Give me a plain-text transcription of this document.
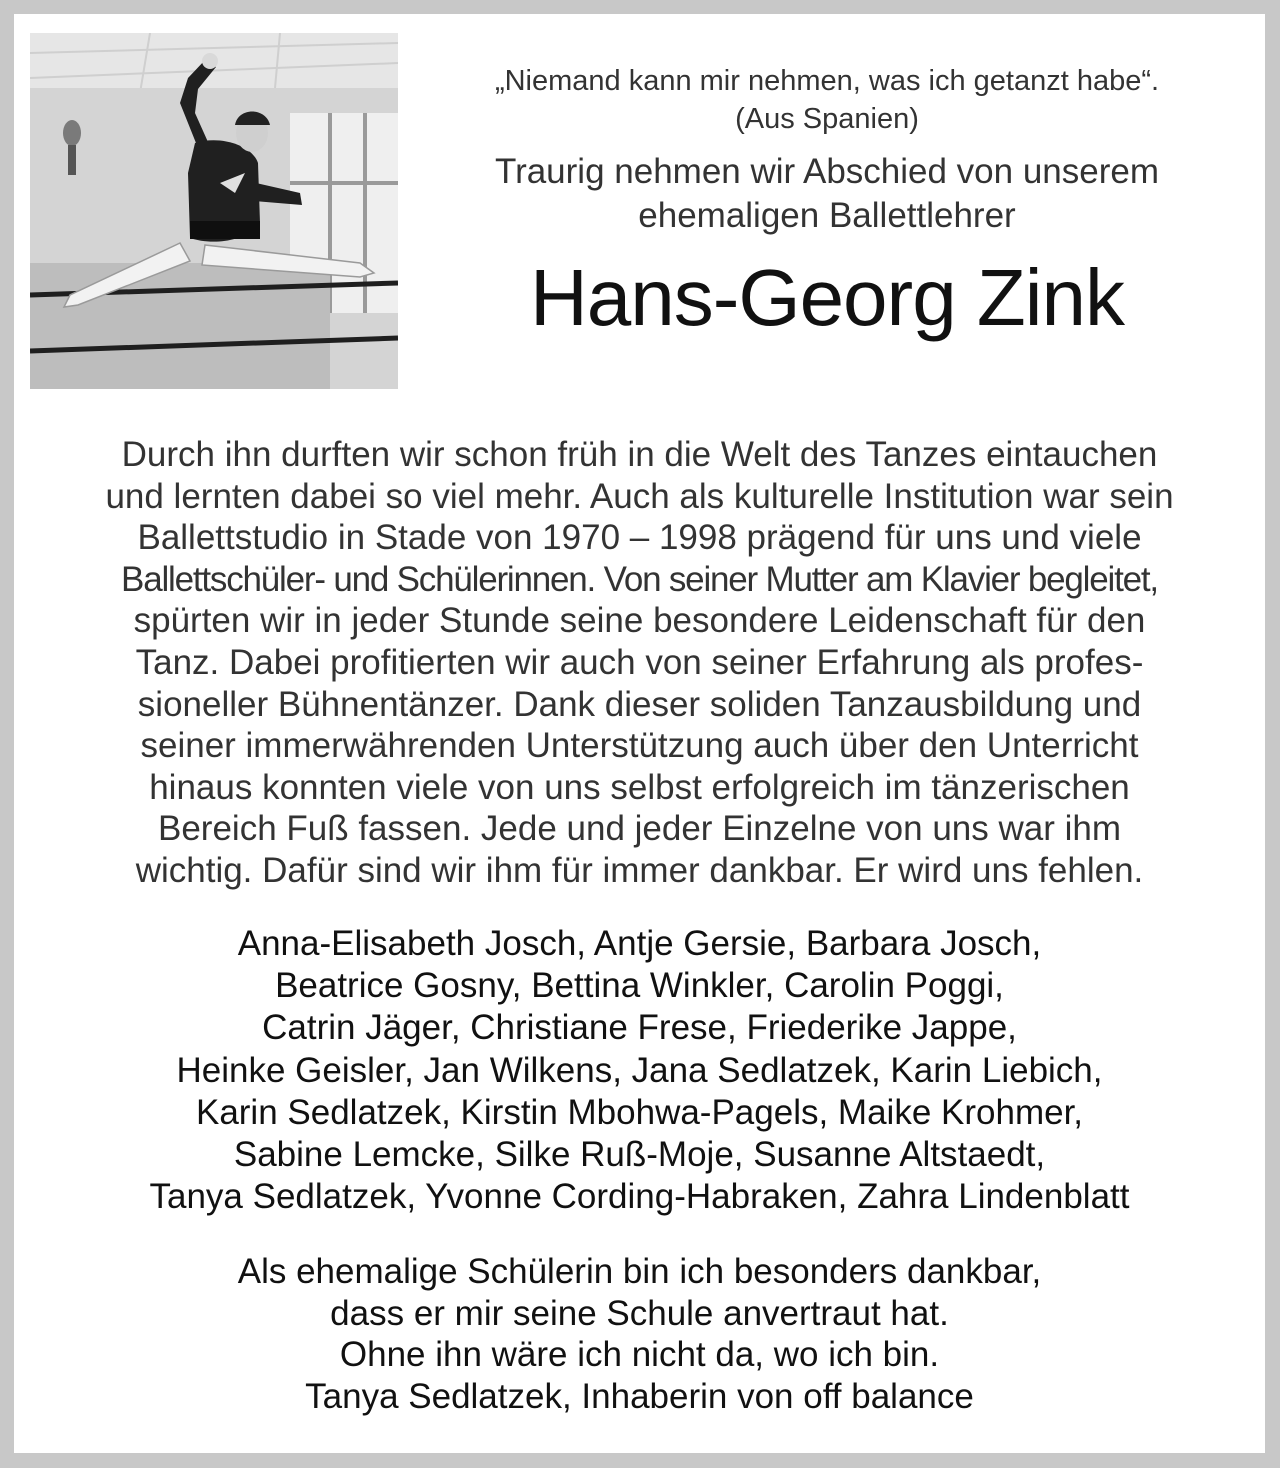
„Niemand kann mir nehmen, was ich getanzt habe“.
(Aus Spanien)
Traurig nehmen wir Abschied von unserem
ehemaligen Ballettlehrer
Hans-Georg Zink
Durch ihn durften wir schon früh in die Welt des Tanzes eintauchen
und lernten dabei so viel mehr. Auch als kulturelle Institution war sein
Ballettstudio in Stade von 1970 – 1998 prägend für uns und viele
Ballettschüler- und Schülerinnen. Von seiner Mutter am Klavier begleitet,
spürten wir in jeder Stunde seine besondere Leidenschaft für den
Tanz. Dabei profitierten wir auch von seiner Erfahrung als profes-
sioneller Bühnentänzer. Dank dieser soliden Tanzausbildung und
seiner immerwährenden Unterstützung auch über den Unterricht
hinaus konnten viele von uns selbst erfolgreich im tänzerischen
Bereich Fuß fassen. Jede und jeder Einzelne von uns war ihm
wichtig. Dafür sind wir ihm für immer dankbar. Er wird uns fehlen.
Anna-Elisabeth Josch, Antje Gersie, Barbara Josch,
Beatrice Gosny, Bettina Winkler, Carolin Poggi,
Catrin Jäger, Christiane Frese, Friederike Jappe,
Heinke Geisler, Jan Wilkens, Jana Sedlatzek, Karin Liebich,
Karin Sedlatzek, Kirstin Mbohwa-Pagels, Maike Krohmer,
Sabine Lemcke, Silke Ruß-Moje, Susanne Altstaedt,
Tanya Sedlatzek, Yvonne Cording-Habraken, Zahra Lindenblatt
Als ehemalige Schülerin bin ich besonders dankbar,
dass er mir seine Schule anvertraut hat.
Ohne ihn wäre ich nicht da, wo ich bin.
Tanya Sedlatzek, Inhaberin von off balance
